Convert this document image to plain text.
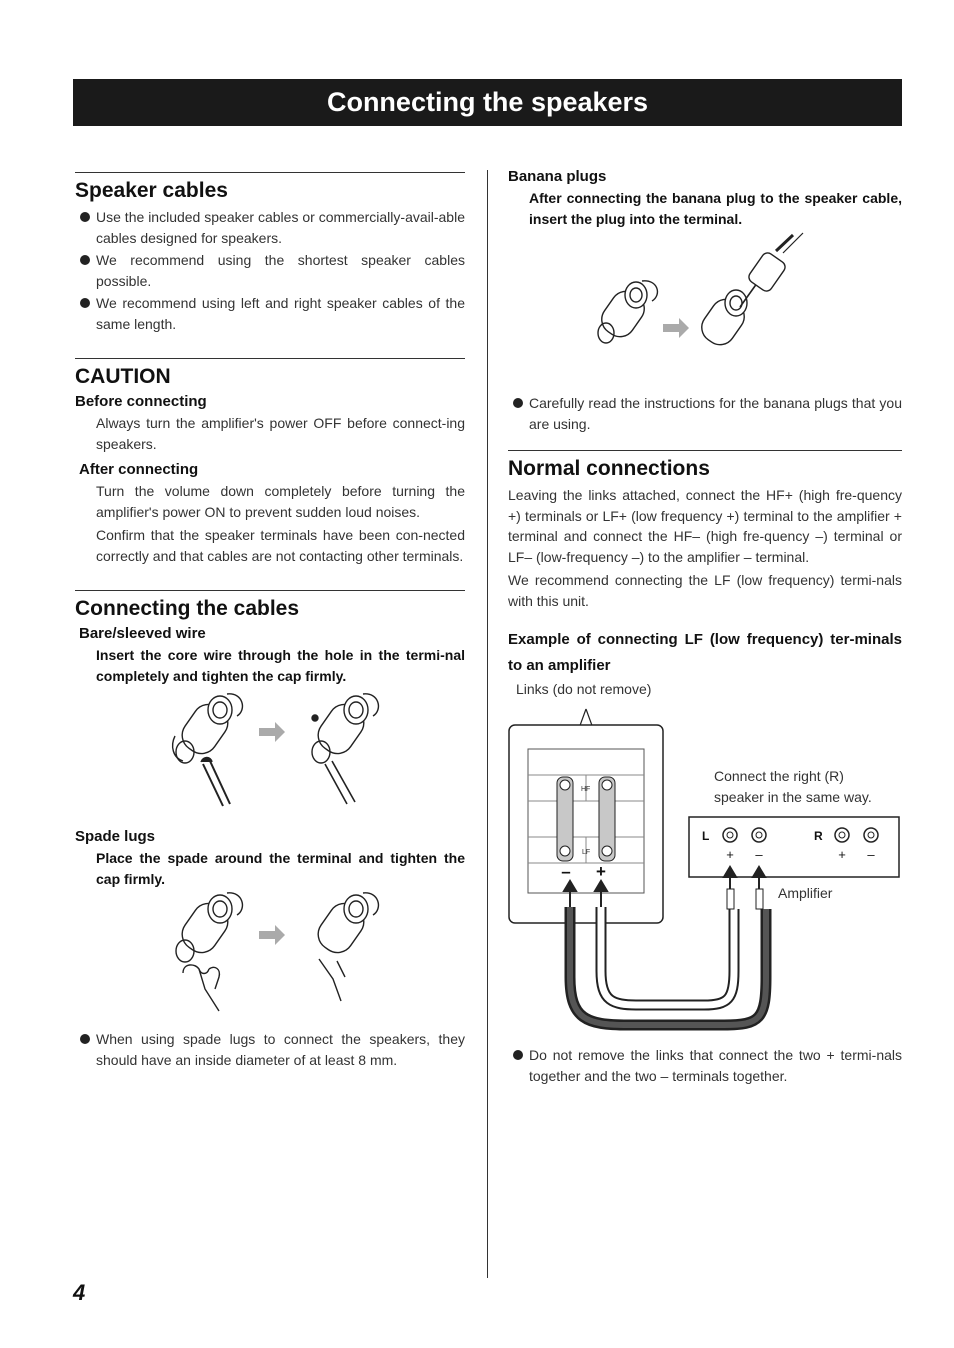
Connecting the speakers
Speaker cables
Use the included speaker cables or commercially-avail-able cables designed for speakers.
We recommend using the shortest speaker cables possible.
We recommend using left and right speaker cables of the same length.
CAUTION
Before connecting

Always turn the amplifier's power OFF before connect-ing speakers.

After connecting

Turn the volume down completely before turning the amplifier's power ON to prevent sudden loud noises.

Confirm that the speaker terminals have been con-nected correctly and that cables are not contacting other terminals.

Connecting the cables
Bare/sleeved wire

Insert the core wire through the hole in the termi-nal completely and tighten the cap firmly.

Spade lugs

Place the spade around the terminal and tighten the cap firmly.

When using spade lugs to connect the speakers, they should have an inside diameter of at least 8 mm.
Banana plugs

After connecting the banana plug to the speaker cable, insert the plug into the terminal.

Carefully read the instructions for the banana plugs that you are using.
Normal connections

Leaving the links attached, connect the HF+ (high fre-quency +) terminals or LF+ (low frequency +) terminal to the amplifier + terminal and connect the HF– (high fre-quency –) terminal or LF– (low-frequency –) to the amplifier – terminal.

We recommend connecting the LF (low frequency) termi-nals with this unit.

Example of connecting LF (low frequency) ter-minals to an amplifier
Links (do not remove)
HF
LF
– +
Connect the right (R)
speaker in the same way.
L	R
+ –	+ –
Amplifier
Do not remove the links that connect the two + termi-nals together and the two – terminals together.
4
